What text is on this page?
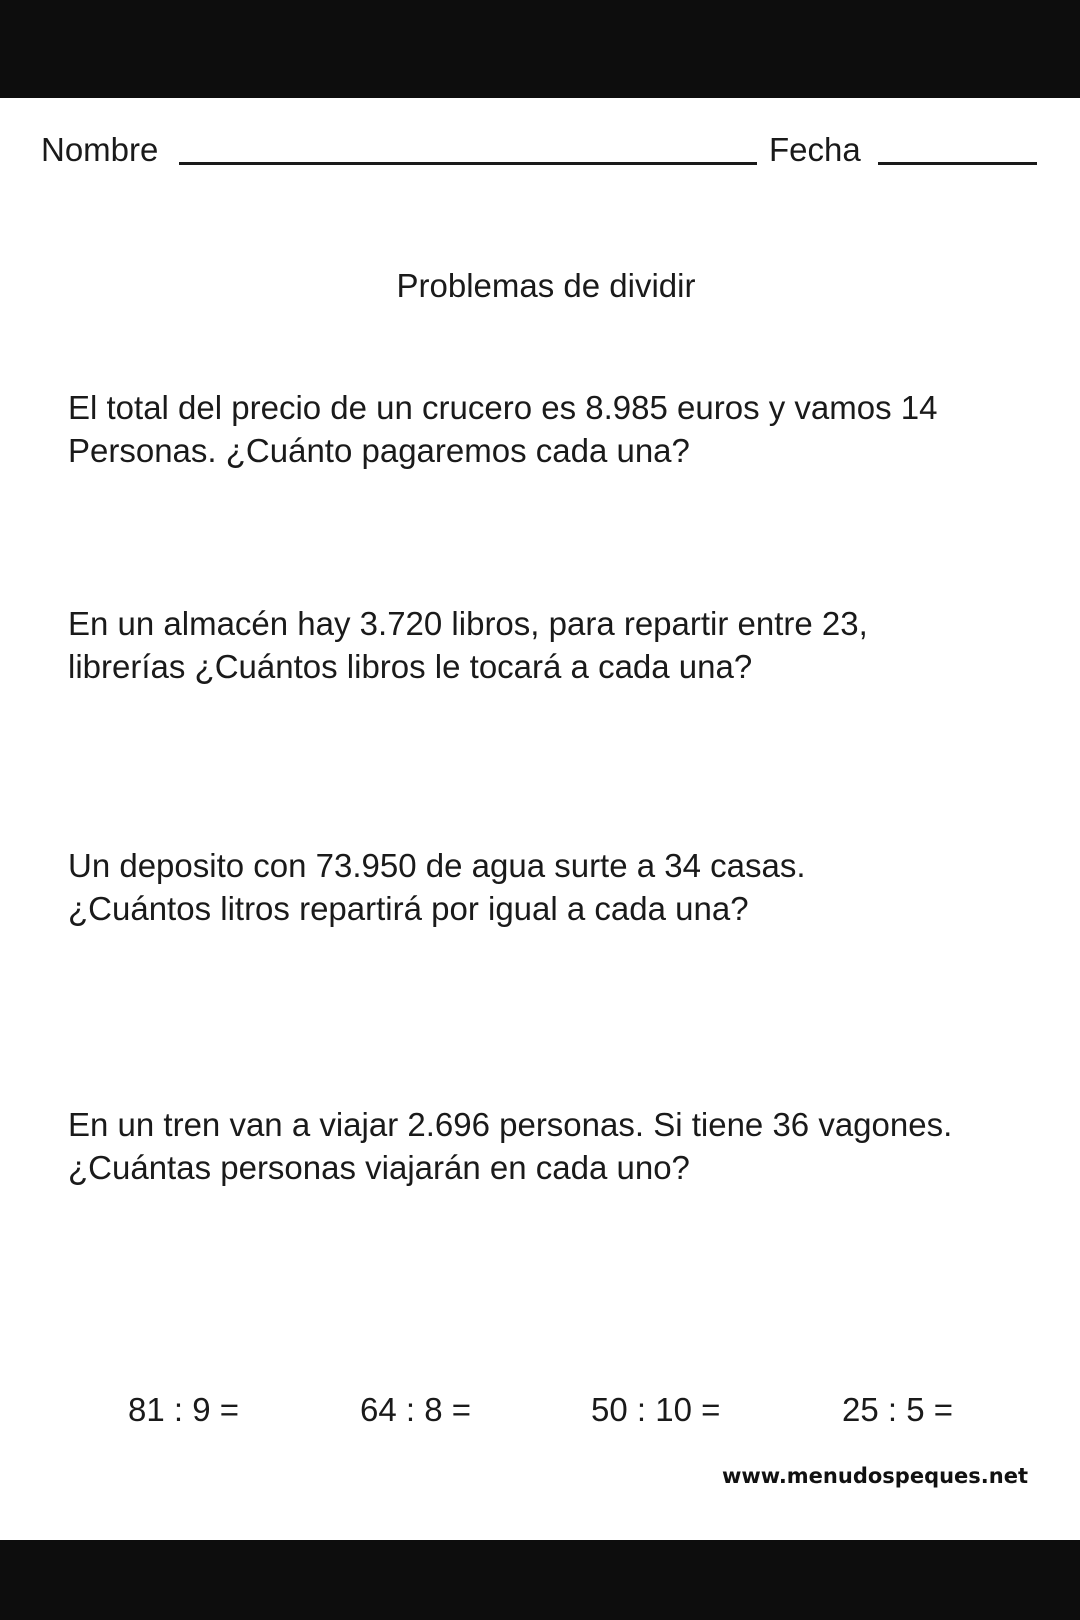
Nombre	Fecha
Problemas de dividir
El total del precio de un crucero es 8.985 euros y vamos 14
Personas. ¿Cuánto pagaremos cada una?
En un almacén hay 3.720 libros, para repartir entre 23,
librerías ¿Cuántos libros le tocará a cada una?
Un deposito con 73.950 de agua surte a 34 casas.
¿Cuántos litros repartirá por igual a cada una?
En un tren van a viajar 2.696 personas. Si tiene 36 vagones.
¿Cuántas personas viajarán en cada uno?
81 : 9 =	64 : 8 =	50 : 10 =	25 : 5 =
www.menudospeques.net
